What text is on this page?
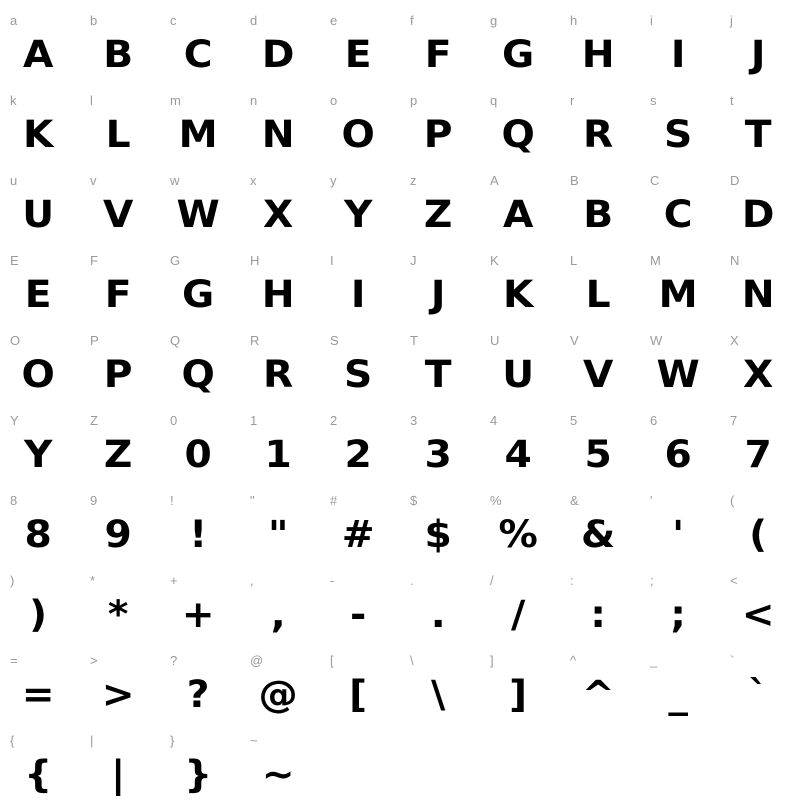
a
A
b
B
c
C
d
D
e
E
f
F
g
G
h
H
i
I
j
J
k
K
l
L
m
M
n
N
o
O
p
P
q
Q
r
R
s
S
t
T
u
U
v
V
w
W
x
X
y
Y
z
Z
A
A
B
B
C
C
D
D
E
E
F
F
G
G
H
H
I
I
J
J
K
K
L
L
M
M
N
N
O
O
P
P
Q
Q
R
R
S
S
T
T
U
U
V
V
W
W
X
X
Y
Y
Z
Z
0
0
1
1
2
2
3
3
4
4
5
5
6
6
7
7
8
8
9
9
!
!
"
"
#
#
$
$
%
%
&
&
'
'
(
(
)
)
*
*
+
+
,
,
-
-
.
.
/
/
:
:
;
;
<
<
=
=
>
>
?
?
@
@
[
[
\
\
]
]
^
^
_
_
`
`
{
{
|
|
}
}
~
~
